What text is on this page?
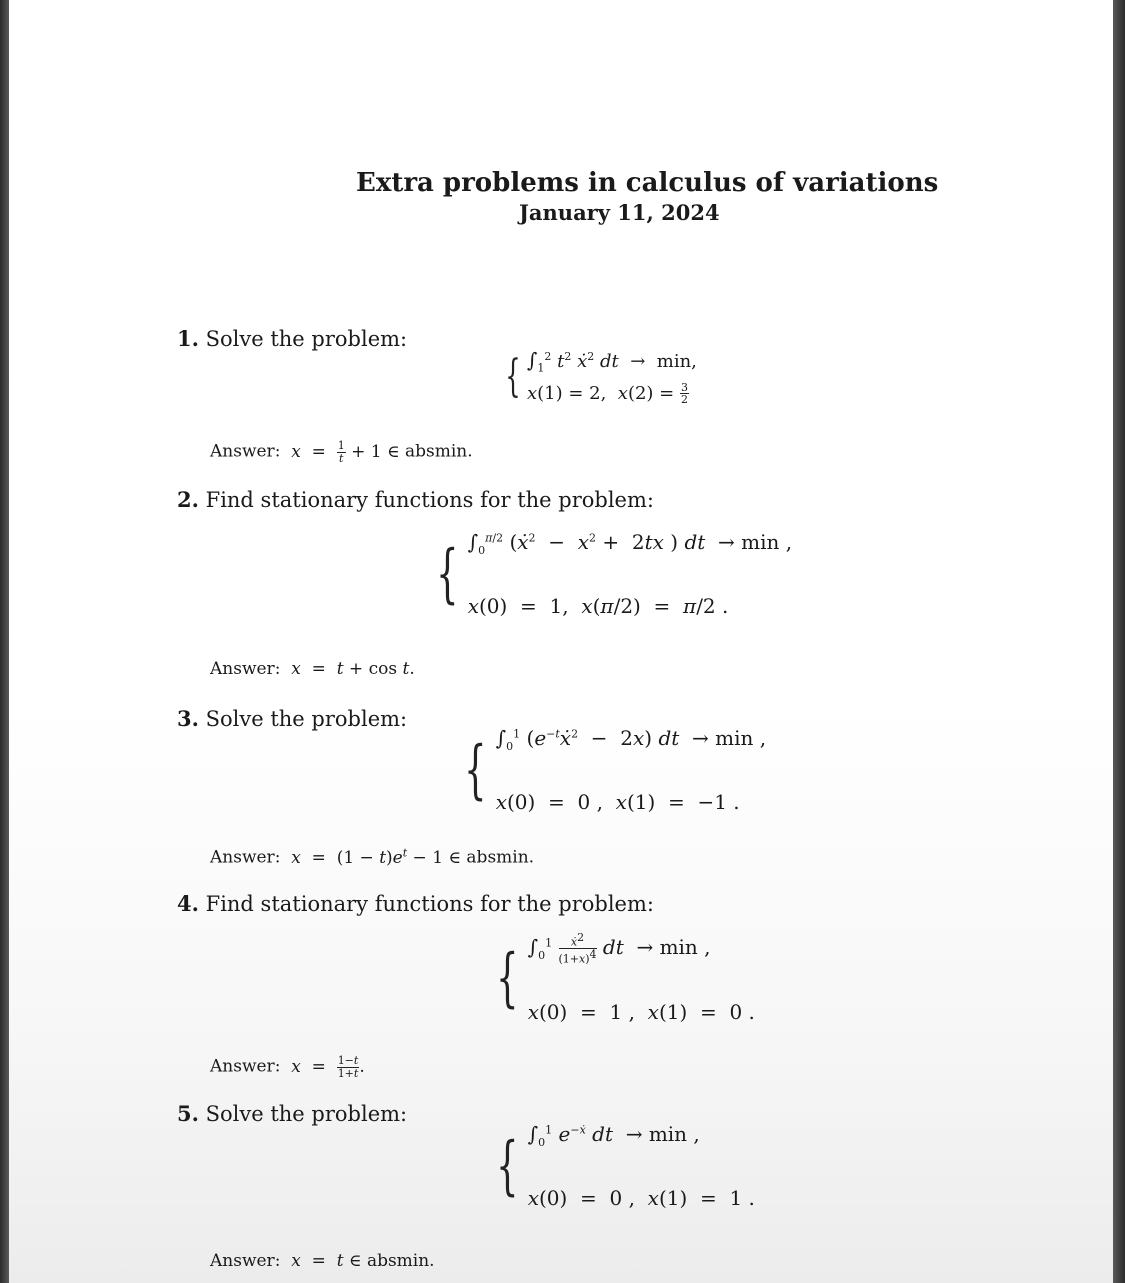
Extra problems in calculus of variations
January 11, 2024
1. Solve the problem:
{ $\int_1^2$ $t^2$ ẋ$^2$ dt  →  min,
x(1) = 2,  $x(2) = \frac{3}{2}$
Answer: $x = \frac{1}{t} + 1$ ∈ absmin.
2. Find stationary functions for the problem:
{ $\int_0^{\pi/2}$ (ẋ$^2$  −  $x^2 + 2tx$ ) dt  → min ,
x(0)  =  1,  x(π/2)  =  π/2 .
Answer: x  =  t + cos t.
3. Solve the problem:
{ $\int_0^1$ $(e^{-t}ẋ^2 - 2x)$ dt  → min ,
x(0)  =  0 ,  x(1)  =  −1 .
Answer: $x = (1 - t)e^t - 1$ ∈ absmin.
4. Find stationary functions for the problem:
{ $\int_0^1 \frac{ẋ^2}{(1+x)^4}$ dt  → min ,
x(0)  =  1 ,  x(1)  =  0 .
Answer: $x = \frac{1-t}{1+t}$ .
5. Solve the problem:
{ $\int_0^1$ $e^{-ẋ}$ dt  → min ,
x(0)  =  0 ,  x(1)  =  1 .
Answer: x  =  t ∈ absmin.
